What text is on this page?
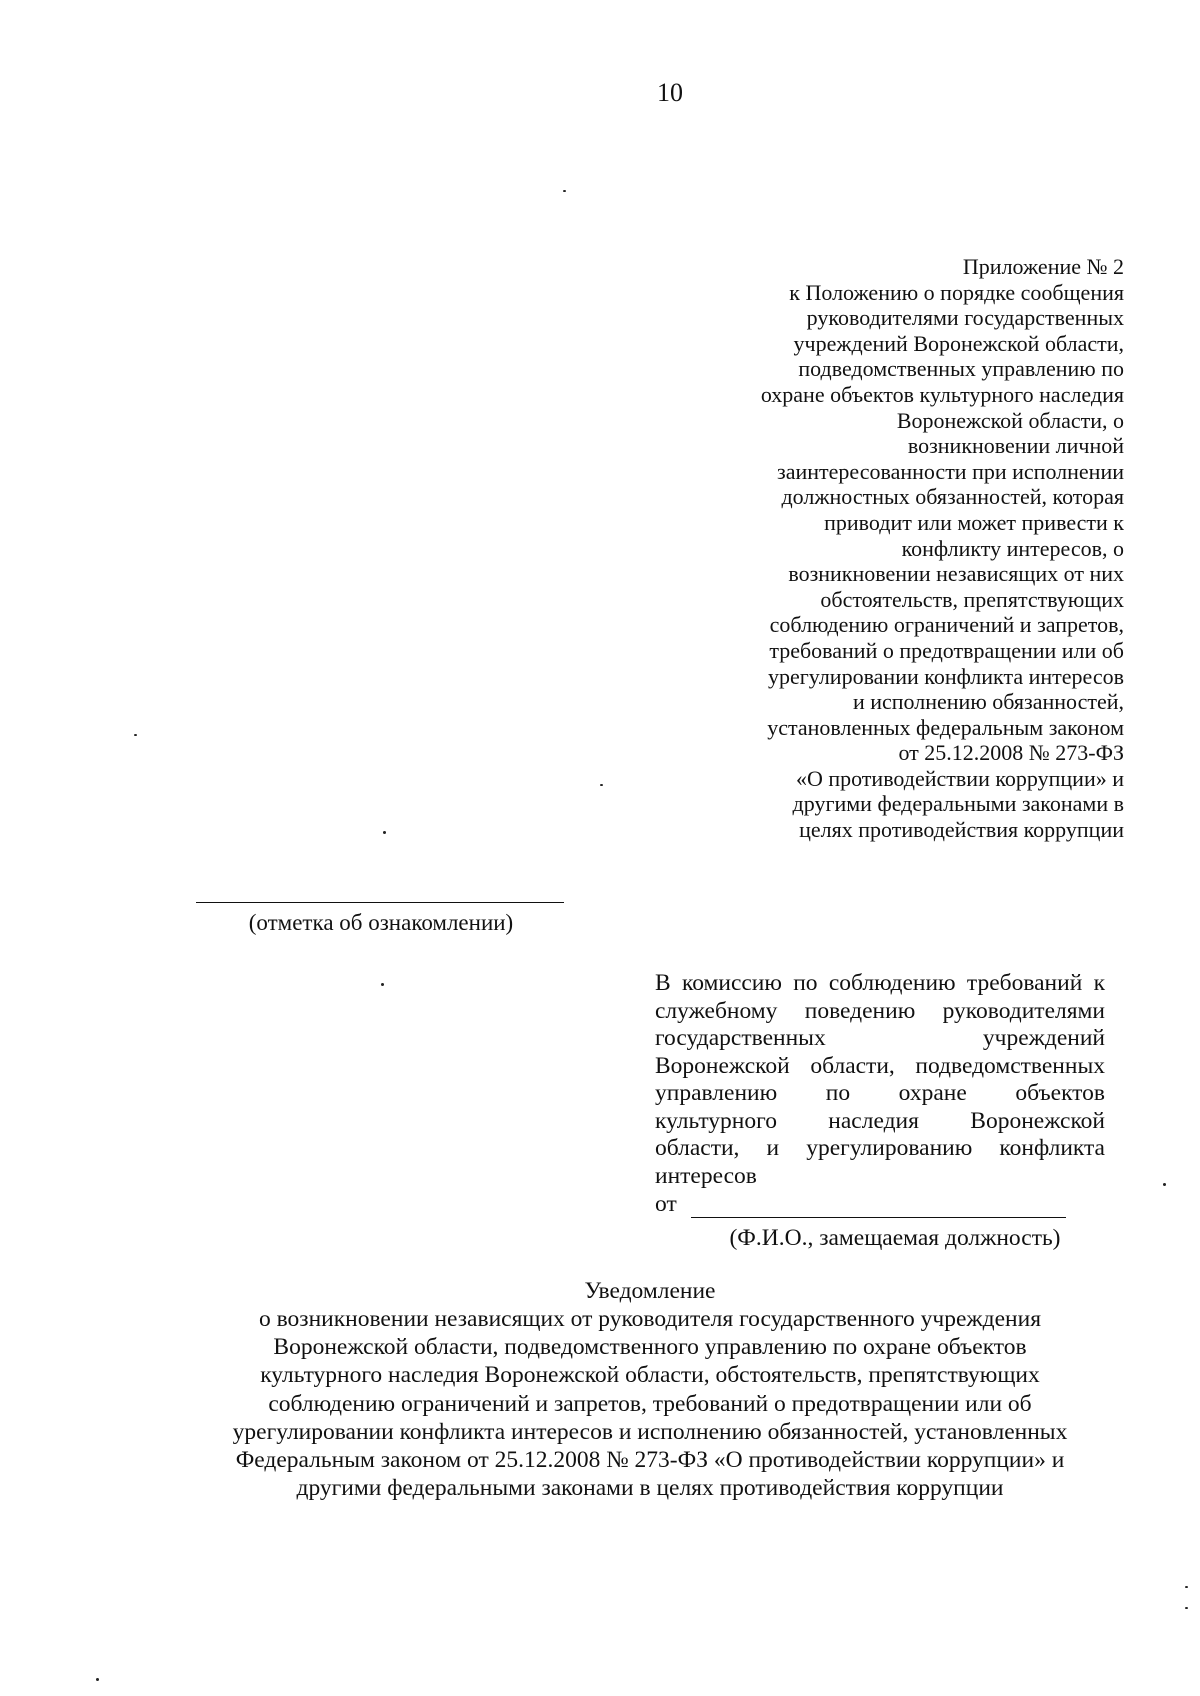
10
Приложение № 2
к Положению о порядке сообщения
руководителями государственных
учреждений Воронежской области,
подведомственных управлению по
охране объектов культурного наследия
Воронежской области, о
возникновении личной
заинтересованности при исполнении
должностных обязанностей, которая
приводит или может привести к
конфликту интересов, о
возникновении независящих от них
обстоятельств, препятствующих
соблюдению ограничений и запретов,
требований о предотвращении или об
урегулировании конфликта интересов
и исполнению обязанностей,
установленных федеральным законом
от 25.12.2008 № 273-ФЗ
«О противодействии коррупции» и
другими федеральными законами в
целях противодействия коррупции
(отметка об ознакомлении)
В комиссию по соблюдению требований к
служебному поведению руководителями
государственных учреждений
Воронежской области, подведомственных
управлению по охране объектов
культурного наследия Воронежской
области, и урегулированию конфликта
интересов
от
(Ф.И.О., замещаемая должность)
Уведомление
о возникновении независящих от руководителя государственного учреждения
Воронежской области, подведомственного управлению по охране объектов
культурного наследия Воронежской области, обстоятельств, препятствующих
соблюдению ограничений и запретов, требований о предотвращении или об
урегулировании конфликта интересов и исполнению обязанностей, установленных
Федеральным законом от 25.12.2008 № 273-ФЗ «О противодействии коррупции» и
другими федеральными законами в целях противодействия коррупции
